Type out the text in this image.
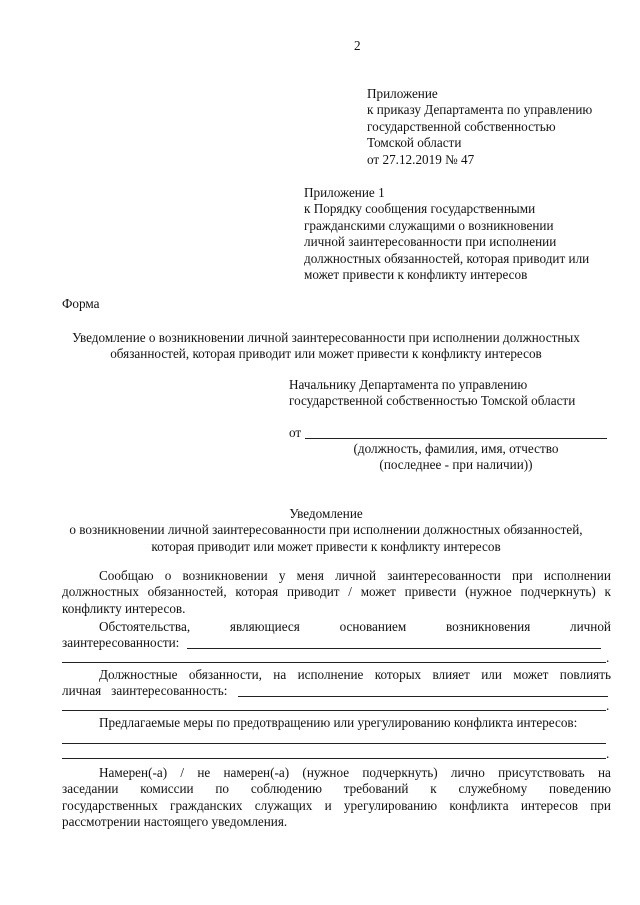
2
Приложение
к приказу Департамента по управлению
государственной собственностью
Томской области
от 27.12.2019 № 47
Приложение 1
к Порядку сообщения государственными
гражданскими служащими о возникновении
личной заинтересованности при исполнении
должностных обязанностей, которая приводит или
может привести к конфликту интересов
Форма
Уведомление о возникновении личной заинтересованности при исполнении должностных
обязанностей, которая приводит или может привести к конфликту интересов
Начальнику Департамента по управлению
государственной собственностью Томской области
от
(должность, фамилия, имя, отчество
(последнее - при наличии))
Уведомление
о возникновении личной заинтересованности при исполнении должностных обязанностей,
которая приводит или может привести к конфликту интересов
Сообщаю о возникновении у меня личной заинтересованности при исполнении
должностных обязанностей, которая приводит / может привести (нужное подчеркнуть) к
конфликту интересов.
Обстоятельства,	являющиеся	основанием	возникновения	личной
заинтересованности:
.
Должностные обязанности, на исполнение которых влияет или может повлиять
личная   заинтересованность:
.
Предлагаемые меры по предотвращению или урегулированию конфликта интересов:
.
Намерен(-а) / не намерен(-а) (нужное подчеркнуть) лично присутствовать на
заседании комиссии по соблюдению требований к служебному поведению
государственных гражданских служащих и урегулированию конфликта интересов при
рассмотрении настоящего уведомления.
